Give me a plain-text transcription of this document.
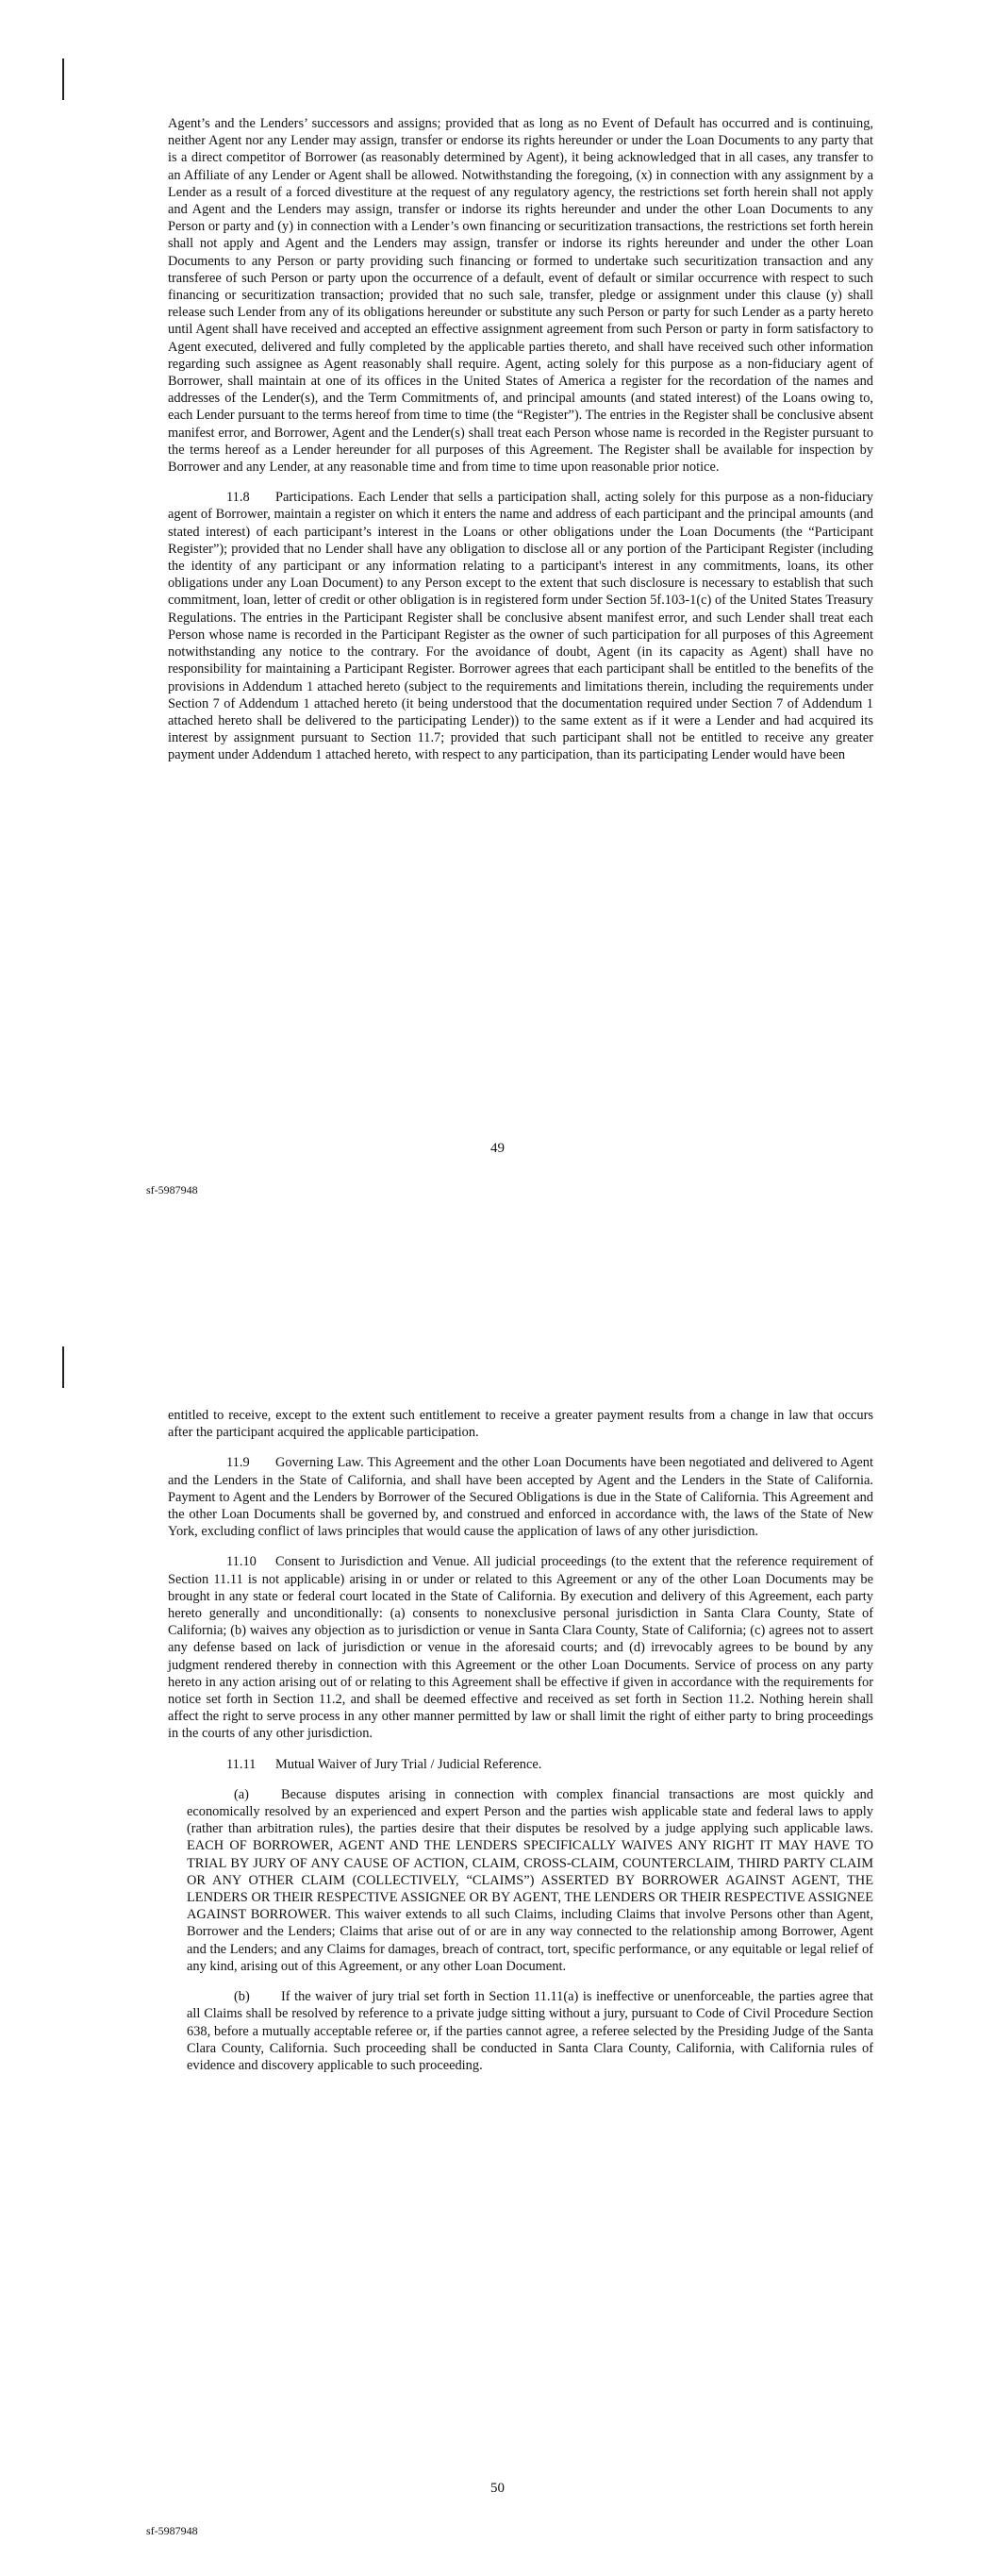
Agent’s and the Lenders’ successors and assigns; provided that as long as no Event of Default has occurred and is continuing, neither Agent nor any Lender may assign, transfer or endorse its rights hereunder or under the Loan Documents to any party that is a direct competitor of Borrower (as reasonably determined by Agent), it being acknowledged that in all cases, any transfer to an Affiliate of any Lender or Agent shall be allowed. Notwithstanding the foregoing, (x) in connection with any assignment by a Lender as a result of a forced divestiture at the request of any regulatory agency, the restrictions set forth herein shall not apply and Agent and the Lenders may assign, transfer or indorse its rights hereunder and under the other Loan Documents to any Person or party and (y) in connection with a Lender’s own financing or securitization transactions, the restrictions set forth herein shall not apply and Agent and the Lenders may assign, transfer or indorse its rights hereunder and under the other Loan Documents to any Person or party providing such financing or formed to undertake such securitization transaction and any transferee of such Person or party upon the occurrence of a default, event of default or similar occurrence with respect to such financing or securitization transaction; provided that no such sale, transfer, pledge or assignment under this clause (y) shall release such Lender from any of its obligations hereunder or substitute any such Person or party for such Lender as a party hereto until Agent shall have received and accepted an effective assignment agreement from such Person or party in form satisfactory to Agent executed, delivered and fully completed by the applicable parties thereto, and shall have received such other information regarding such assignee as Agent reasonably shall require. Agent, acting solely for this purpose as a non-fiduciary agent of Borrower, shall maintain at one of its offices in the United States of America a register for the recordation of the names and addresses of the Lender(s), and the Term Commitments of, and principal amounts (and stated interest) of the Loans owing to, each Lender pursuant to the terms hereof from time to time (the “Register”). The entries in the Register shall be conclusive absent manifest error, and Borrower, Agent and the Lender(s) shall treat each Person whose name is recorded in the Register pursuant to the terms hereof as a Lender hereunder for all purposes of this Agreement. The Register shall be available for inspection by Borrower and any Lender, at any reasonable time and from time to time upon reasonable prior notice.

11.8 Participations. Each Lender that sells a participation shall, acting solely for this purpose as a non-fiduciary agent of Borrower, maintain a register on which it enters the name and address of each participant and the principal amounts (and stated interest) of each participant’s interest in the Loans or other obligations under the Loan Documents (the “Participant Register”); provided that no Lender shall have any obligation to disclose all or any portion of the Participant Register (including the identity of any participant or any information relating to a participant's interest in any commitments, loans, its other obligations under any Loan Document) to any Person except to the extent that such disclosure is necessary to establish that such commitment, loan, letter of credit or other obligation is in registered form under Section 5f.103-1(c) of the United States Treasury Regulations. The entries in the Participant Register shall be conclusive absent manifest error, and such Lender shall treat each Person whose name is recorded in the Participant Register as the owner of such participation for all purposes of this Agreement notwithstanding any notice to the contrary. For the avoidance of doubt, Agent (in its capacity as Agent) shall have no responsibility for maintaining a Participant Register. Borrower agrees that each participant shall be entitled to the benefits of the provisions in Addendum 1 attached hereto (subject to the requirements and limitations therein, including the requirements under Section 7 of Addendum 1 attached hereto (it being understood that the documentation required under Section 7 of Addendum 1 attached hereto shall be delivered to the participating Lender)) to the same extent as if it were a Lender and had acquired its interest by assignment pursuant to Section 11.7; provided that such participant shall not be entitled to receive any greater payment under Addendum 1 attached hereto, with respect to any participation, than its participating Lender would have been

49
sf-5987948

entitled to receive, except to the extent such entitlement to receive a greater payment results from a change in law that occurs after the participant acquired the applicable participation.

11.9 Governing Law. This Agreement and the other Loan Documents have been negotiated and delivered to Agent and the Lenders in the State of California, and shall have been accepted by Agent and the Lenders in the State of California. Payment to Agent and the Lenders by Borrower of the Secured Obligations is due in the State of California. This Agreement and the other Loan Documents shall be governed by, and construed and enforced in accordance with, the laws of the State of New York, excluding conflict of laws principles that would cause the application of laws of any other jurisdiction.

11.10 Consent to Jurisdiction and Venue. All judicial proceedings (to the extent that the reference requirement of Section 11.11 is not applicable) arising in or under or related to this Agreement or any of the other Loan Documents may be brought in any state or federal court located in the State of California. By execution and delivery of this Agreement, each party hereto generally and unconditionally: (a) consents to nonexclusive personal jurisdiction in Santa Clara County, State of California; (b) waives any objection as to jurisdiction or venue in Santa Clara County, State of California; (c) agrees not to assert any defense based on lack of jurisdiction or venue in the aforesaid courts; and (d) irrevocably agrees to be bound by any judgment rendered thereby in connection with this Agreement or the other Loan Documents. Service of process on any party hereto in any action arising out of or relating to this Agreement shall be effective if given in accordance with the requirements for notice set forth in Section 11.2, and shall be deemed effective and received as set forth in Section 11.2. Nothing herein shall affect the right to serve process in any other manner permitted by law or shall limit the right of either party to bring proceedings in the courts of any other jurisdiction.

11.11 Mutual Waiver of Jury Trial / Judicial Reference.

(a) Because disputes arising in connection with complex financial transactions are most quickly and economically resolved by an experienced and expert Person and the parties wish applicable state and federal laws to apply (rather than arbitration rules), the parties desire that their disputes be resolved by a judge applying such applicable laws. EACH OF BORROWER, AGENT AND THE LENDERS SPECIFICALLY WAIVES ANY RIGHT IT MAY HAVE TO TRIAL BY JURY OF ANY CAUSE OF ACTION, CLAIM, CROSS-CLAIM, COUNTERCLAIM, THIRD PARTY CLAIM OR ANY OTHER CLAIM (COLLECTIVELY, “CLAIMS”) ASSERTED BY BORROWER AGAINST AGENT, THE LENDERS OR THEIR RESPECTIVE ASSIGNEE OR BY AGENT, THE LENDERS OR THEIR RESPECTIVE ASSIGNEE AGAINST BORROWER. This waiver extends to all such Claims, including Claims that involve Persons other than Agent, Borrower and the Lenders; Claims that arise out of or are in any way connected to the relationship among Borrower, Agent and the Lenders; and any Claims for damages, breach of contract, tort, specific performance, or any equitable or legal relief of any kind, arising out of this Agreement, or any other Loan Document.

(b) If the waiver of jury trial set forth in Section 11.11(a) is ineffective or unenforceable, the parties agree that all Claims shall be resolved by reference to a private judge sitting without a jury, pursuant to Code of Civil Procedure Section 638, before a mutually acceptable referee or, if the parties cannot agree, a referee selected by the Presiding Judge of the Santa Clara County, California. Such proceeding shall be conducted in Santa Clara County, California, with California rules of evidence and discovery applicable to such proceeding.

50
sf-5987948
